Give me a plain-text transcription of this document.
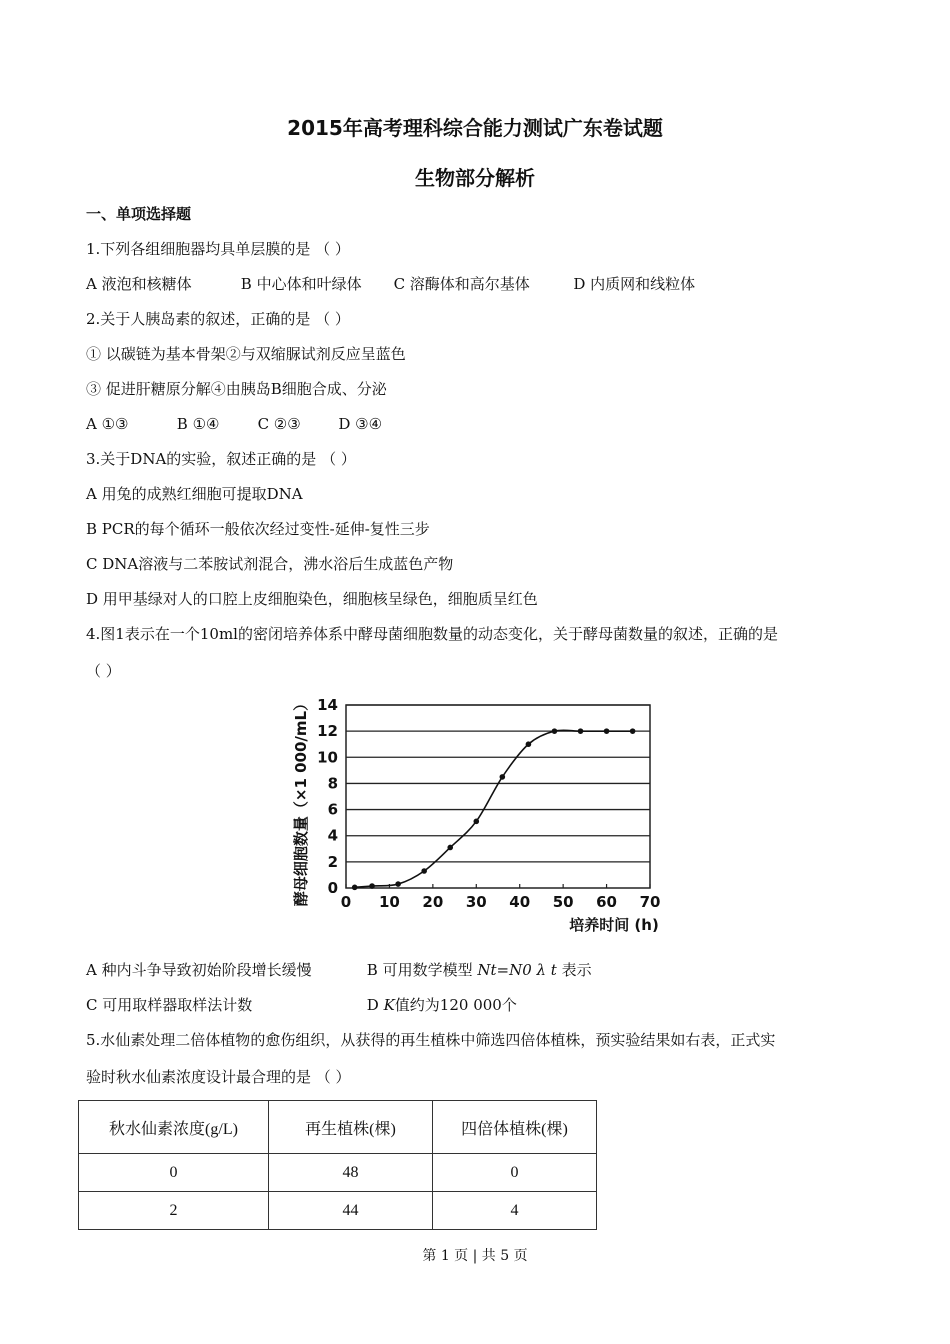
2015年高考理科综合能力测试广东卷试题
生物部分解析
一、单项选择题
1.下列各组细胞器均具单层膜的是 （ ）
A 液泡和核糖体	B 中心体和叶绿体 C 溶酶体和高尔基体	D 内质网和线粒体
2.关于人胰岛素的叙述，正确的是 （ ）
① 以碳链为基本骨架②与双缩脲试剂反应呈蓝色
③ 促进肝糖原分解④由胰岛B细胞合成、分泌
A ①③	B ①④	C ②③	D ③④
3.关于DNA的实验，叙述正确的是 （ ）
A 用兔的成熟红细胞可提取DNA
B PCR的每个循环一般依次经过变性-延伸-复性三步
C DNA溶液与二苯胺试剂混合，沸水浴后生成蓝色产物
D 用甲基绿对人的口腔上皮细胞染色，细胞核呈绿色，细胞质呈红色
4.图1表示在一个10ml的密闭培养体系中酵母菌细胞数量的动态变化，关于酵母菌数量的叙述，正确的是
（ ）
0
2
4
6
8
10
12
14
0 10 20 30 40 50 60 70
酵母细胞数量（×1 000/mL）
培养时间 (h)
A 种内斗争导致初始阶段增长缓慢	B 可用数学模型 Nt=N0 λ t 表示
C 可用取样器取样法计数	D K值约为120 000个
5.水仙素处理二倍体植物的愈伤组织，从获得的再生植株中筛选四倍体植株，预实验结果如右表，正式实
验时秋水仙素浓度设计最合理的是 （ ）
秋水仙素浓度(g/L)	再生植株(棵)	四倍体植株(棵)
0	48	0
2	44	4
第 1 页 | 共 5 页
